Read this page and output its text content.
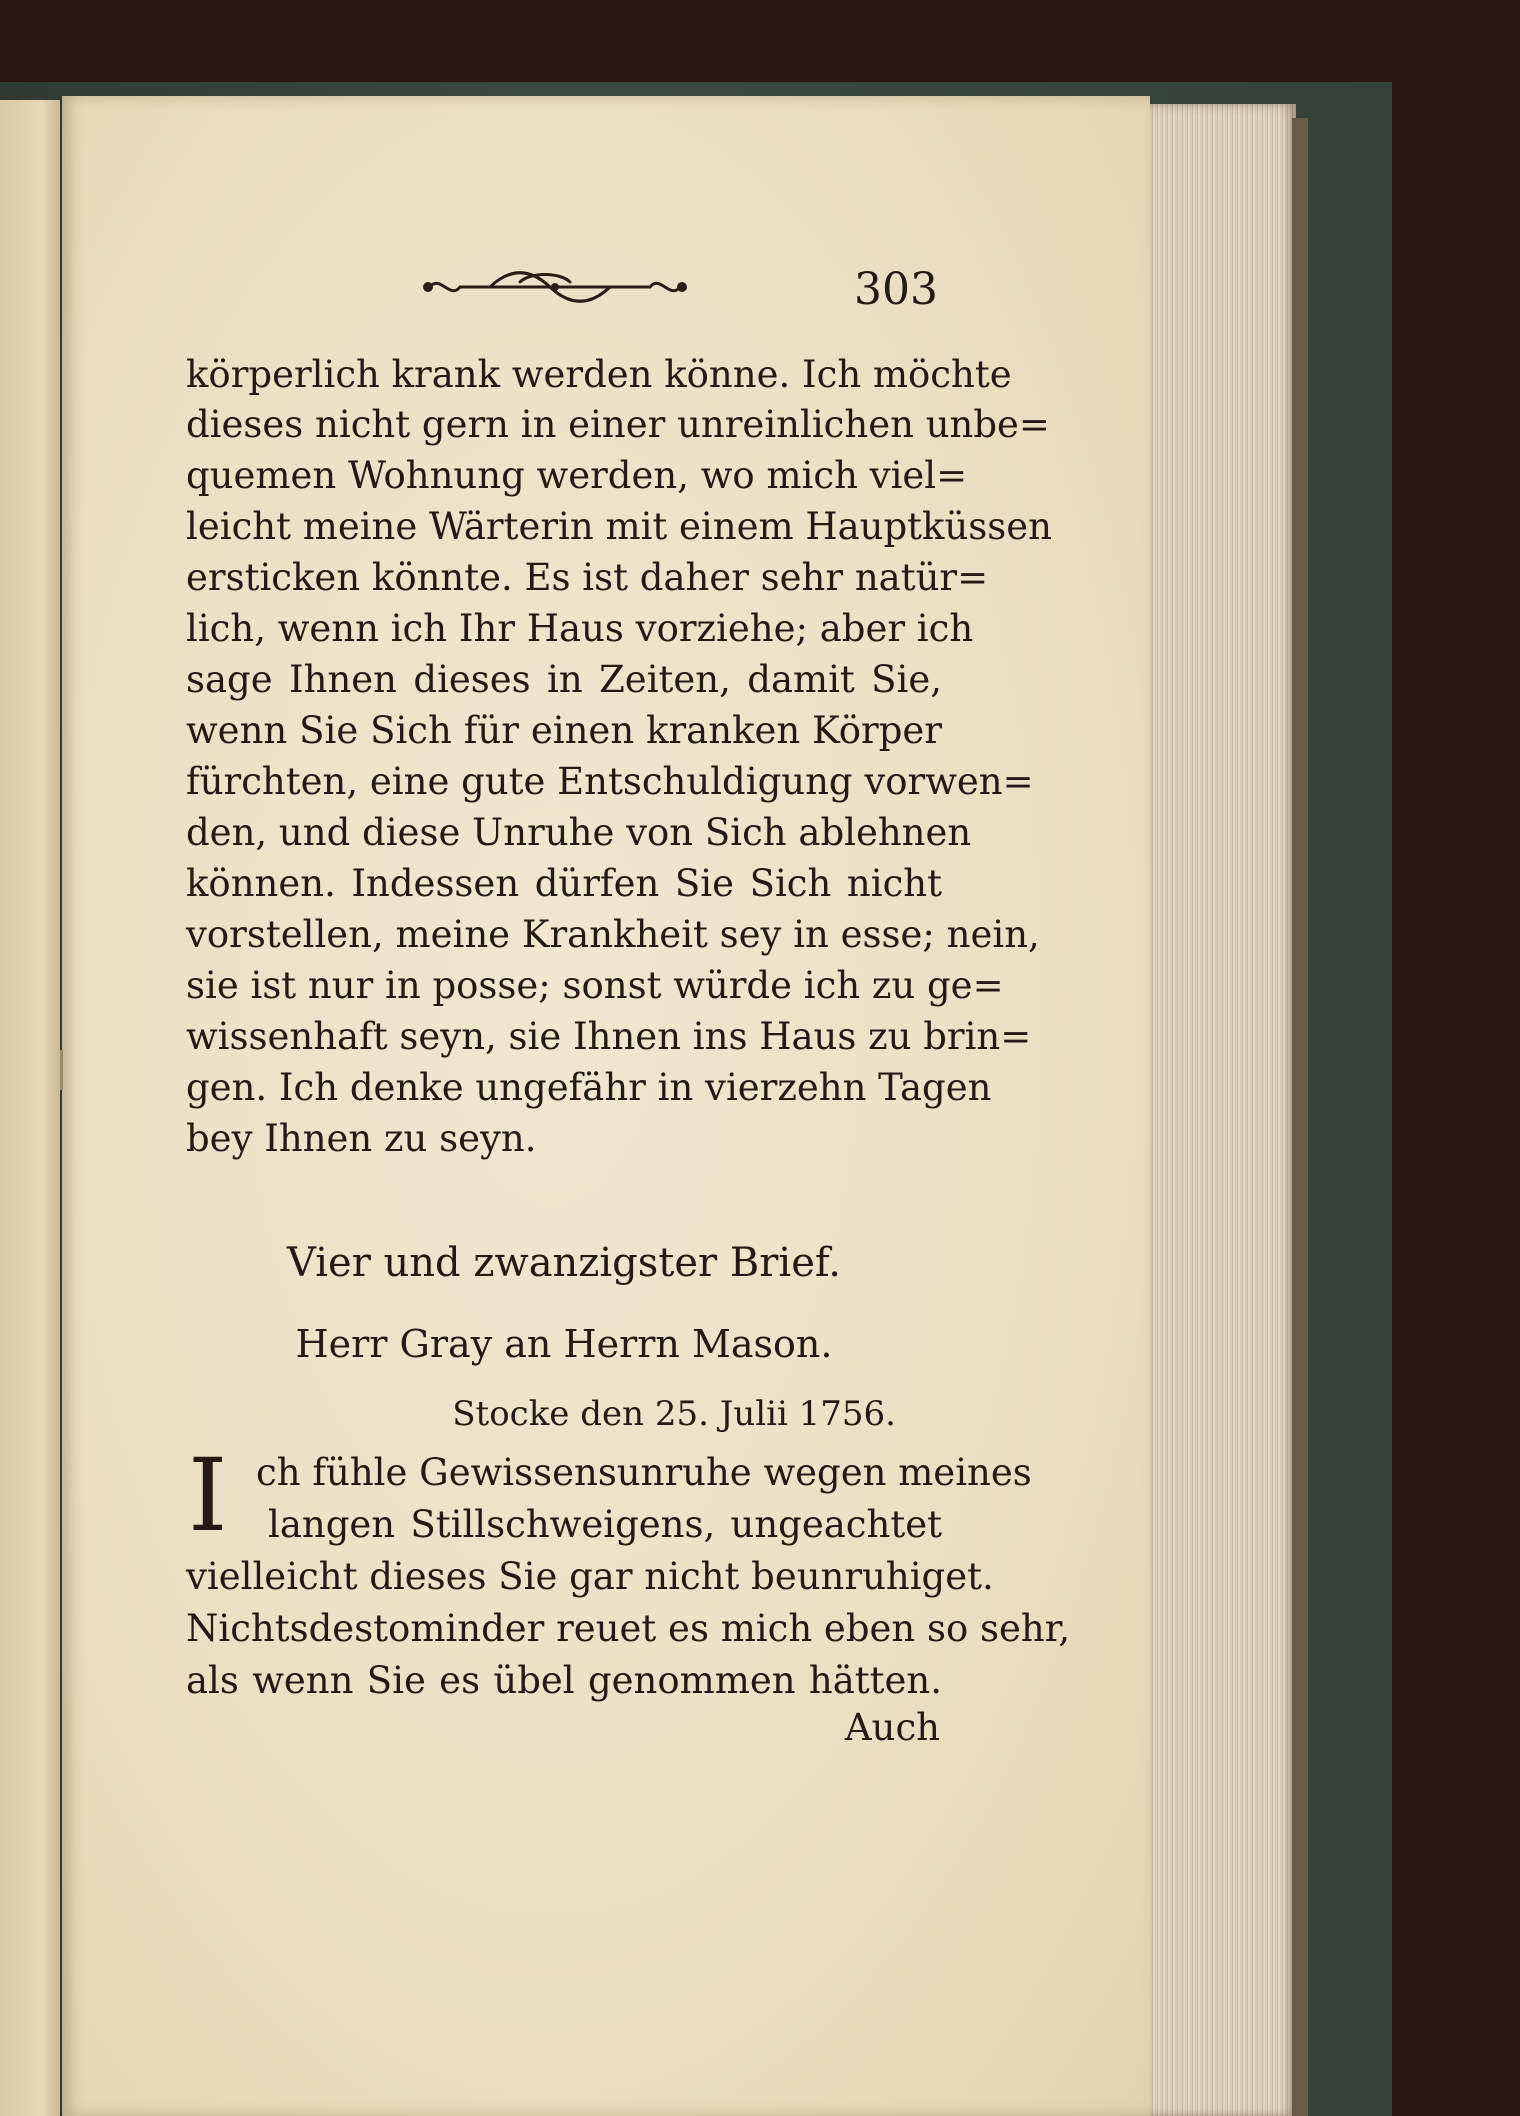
303
körperlich krank werden könne. Ich möchte
dieses nicht gern in einer unreinlichen unbe=
quemen Wohnung werden, wo mich viel=
leicht meine Wärterin mit einem Hauptküssen
ersticken könnte. Es ist daher sehr natür=
lich, wenn ich Ihr Haus vorziehe; aber ich
sage Ihnen dieses in Zeiten, damit Sie,
wenn Sie Sich für einen kranken Körper
fürchten, eine gute Entschuldigung vorwen=
den, und diese Unruhe von Sich ablehnen
können. Indessen dürfen Sie Sich nicht
vorstellen, meine Krankheit sey in esse; nein,
sie ist nur in posse; sonst würde ich zu ge=
wissenhaft seyn, sie Ihnen ins Haus zu brin=
gen. Ich denke ungefähr in vierzehn Tagen
bey Ihnen zu seyn.
Vier und zwanzigster Brief.
Herr Gray an Herrn Mason.
Stocke den 25. Julii 1756.
I ch fühle Gewissensunruhe wegen meines
langen Stillschweigens, ungeachtet
vielleicht dieses Sie gar nicht beunruhiget.
Nichtsdestominder reuet es mich eben so sehr,
als wenn Sie es übel genommen hätten.
Auch
